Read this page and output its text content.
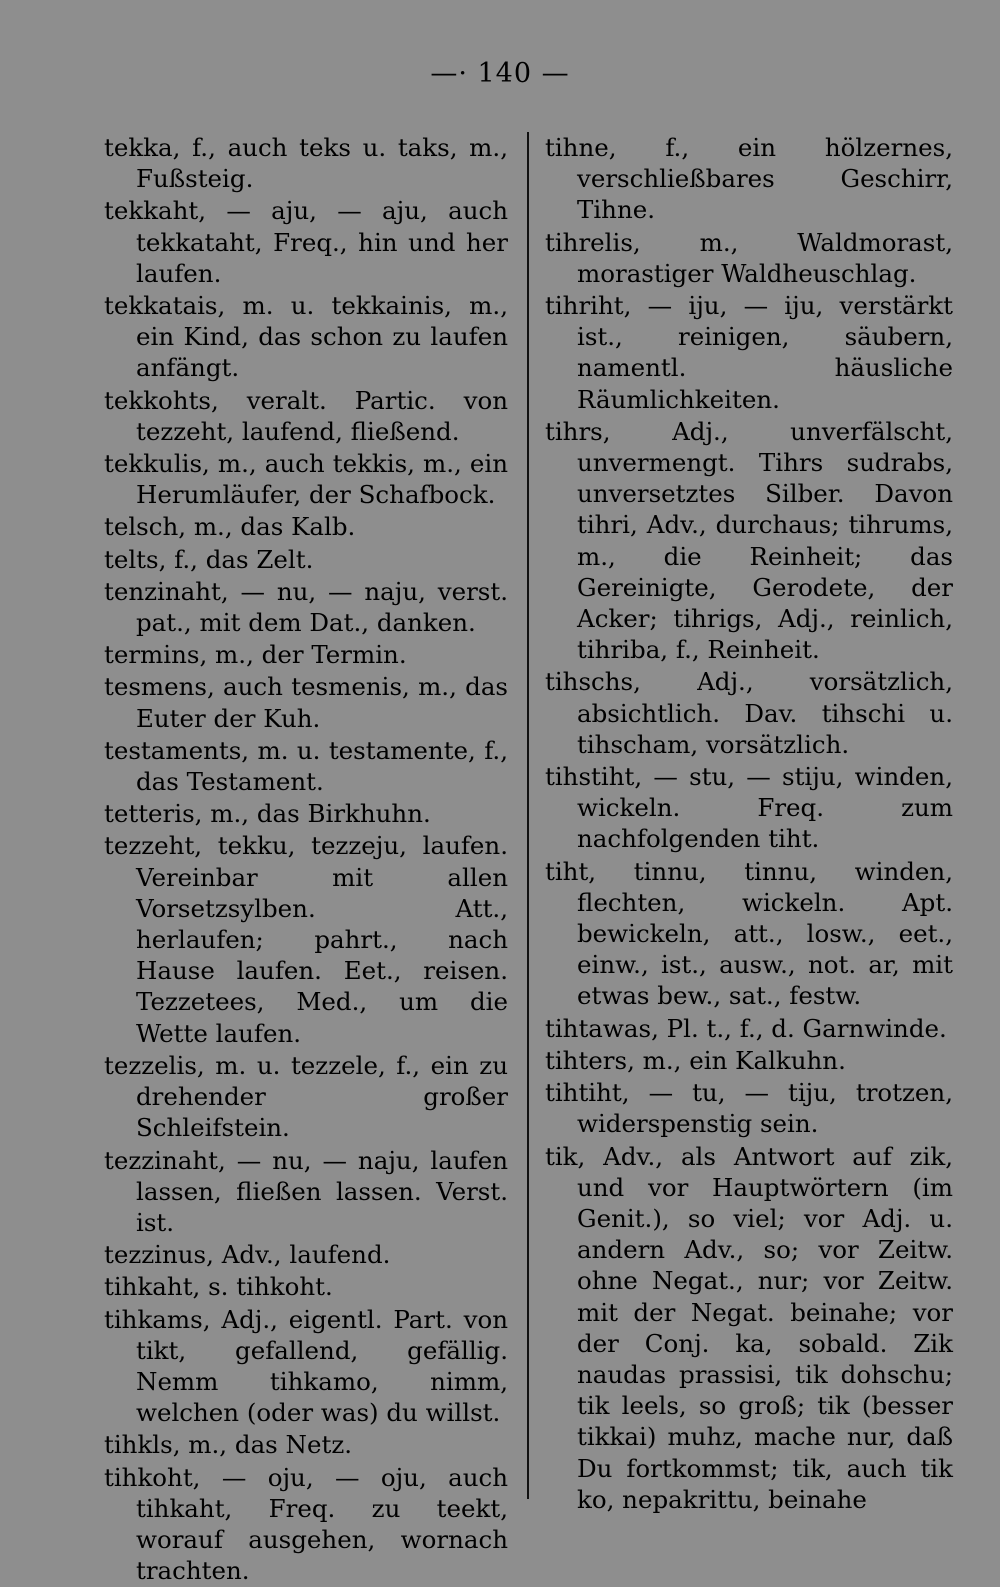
—· 140 —

tekka, f., auch teks u. taks, m., Fußsteig.

tekkaht, — aju, — aju, auch tekkataht, Freq., hin und her laufen.

tekkatais, m. u. tekkainis, m., ein Kind, das schon zu laufen anfängt.

tekkohts, veralt. Partic. von tezzeht, laufend, fließend.

tekkulis, m., auch tekkis, m., ein Herumläufer, der Schafbock.

telsch, m., das Kalb.

telts, f., das Zelt.

tenzinaht, — nu, — naju, verst. pat., mit dem Dat., danken.

termins, m., der Termin.

tesmens, auch tesmenis, m., das Euter der Kuh.

testaments, m. u. testamente, f., das Testament.

tetteris, m., das Birkhuhn.

tezzeht, tekku, tezzeju, laufen. Vereinbar mit allen Vorsetzsylben. Att., herlaufen; pahrt., nach Hause laufen. Eet., reisen. Tezzetees, Med., um die Wette laufen.

tezzelis, m. u. tezzele, f., ein zu drehender großer Schleifstein.

tezzinaht, — nu, — naju, laufen lassen, fließen lassen. Verst. ist.

tezzinus, Adv., laufend.

tihkaht, s. tihkoht.

tihkams, Adj., eigentl. Part. von tikt, gefallend, gefällig. Nemm tihkamo, nimm, welchen (oder was) du willst.

tihkls, m., das Netz.

tihkoht, — oju, — oju, auch tihkaht, Freq. zu teekt, worauf ausgehen, wornach trachten.

tihne, f., ein hölzernes, verschließbares Geschirr, Tihne.

tihrelis, m., Waldmorast, morastiger Waldheuschlag.

tihriht, — iju, — iju, verstärkt ist., reinigen, säubern, namentl. häusliche Räumlichkeiten.

tihrs, Adj., unverfälscht, unvermengt. Tihrs sudrabs, unversetztes Silber. Davon tihri, Adv., durchaus; tihrums, m., die Reinheit; das Gereinigte, Gerodete, der Acker; tihrigs, Adj., reinlich, tihriba, f., Reinheit.

tihschs, Adj., vorsätzlich, absichtlich. Dav. tihschi u. tihscham, vorsätzlich.

tihstiht, — stu, — stiju, winden, wickeln. Freq. zum nachfolgenden tiht.

tiht, tinnu, tinnu, winden, flechten, wickeln. Apt. bewickeln, att., losw., eet., einw., ist., ausw., not. ar, mit etwas bew., sat., festw.

tihtawas, Pl. t., f., d. Garnwinde.

tihters, m., ein Kalkuhn.

tihtiht, — tu, — tiju, trotzen, widerspenstig sein.

tik, Adv., als Antwort auf zik, und vor Hauptwörtern (im Genit.), so viel; vor Adj. u. andern Adv., so; vor Zeitw. ohne Negat., nur; vor Zeitw. mit der Negat. beinahe; vor der Conj. ka, sobald. Zik naudas prassisi, tik dohschu; tik leels, so groß; tik (besser tikkai) muhz, mache nur, daß Du fortkommst; tik, auch tik ko, nepakrittu, beinahe
